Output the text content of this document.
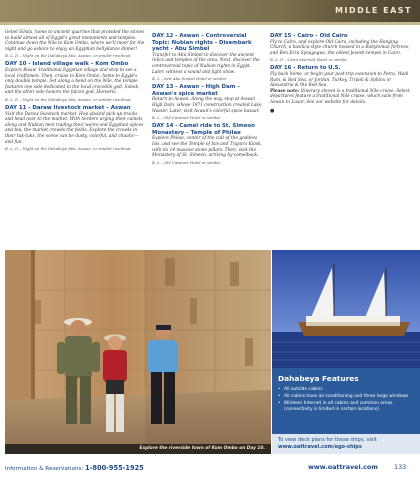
MIDDLE EAST
Gebel Silsila, home to ancient quarries that provided the stones to build almost all of Egypt's great monuments and temples. Continue down the Nile to Kom Ombo, where we'll moor for the night and go ashore to enjoy an Egyptian bellydance dinner!
B, L, D – Night on the Dahabeya Mia, Aswan, or similar riverboat
DAY 10 - Island village walk – Kom Ombo
Explore Bisaw' traditional Egyptian village and stop to see a local craftsmen. Then, cruise to Kom Ombo, home to Egypt's only double temple. Set along a bend on the Nile, the temple features one side dedicated to the local crocodile god, Sobek, and the other side honors the falcon god, Horoeris.
B, L, D – Night on the Dahabeya Mia, Aswan, or similar riverboat
DAY 11 - Daraw livestock market – Aswan
Visit the Daraw livestock market. Hop aboard pick-up trucks and head over to the market. With herders urging their camels along and Nubian men trading their wares and Egyptian spices and tea, the market crowds the fields. Explore the crowds in their tuk-tuks, the scene can be dusty, colorful, and chaotic—and fun.
B, L, D – Night on the Dahabeya Mia, Aswan, or similar riverboat
DAY 12 - Aswan – Controversial Topic: Nubian rights - Disembark yacht - Abu Simbel
Transfer to Abu Simbel to discover the ancient relics and temples of the area. Next, discover the controversial topic of Nubian rights in Egypt. Later, witness a sound and light show.
B, L – Seti Abu Simbel Hotel or similar
DAY 13 - Aswan – High Dam – Aswan's spice market
Return to Aswan. Along the way, stop at Aswan High Dam, whose 1971 construction created Lake Nasser. Later, visit Aswan's colorful spice bazaar.
B, L – Old Cataract Hotel or similar
DAY 14 - Camel ride to St. Simeon Monastery – Temple of Philae
Explore Philae, center of the cult of the goddess Isis, and see the Temple of Isis and Trajan's Kiosk, with its 14 massive stone pillars. Then, visit the Monastery of St. Simeon, arriving by camelback.
B, L – Old Cataract Hotel or similar
DAY 15 - Cairo – Old Cairo
Fly to Cairo, and explore Old Cairo, including the Hanging Church, a basilica-style church housed in a Babylonian fortress, and Ben Ezra Synagogue, the oldest Jewish temple in Cairo.
B, L, D – Cairo Marriott Hotel or similar
DAY 16 - Return to U.S.
Fly back home, or begin your post-trip extension to Petra, Wadi Rum, & Red Sea, or Jordan, Turkey, Tripoli & Sphinx or Alexandria & the Red Sea.
Please note: Itinerary shown is a traditional Nile cruise. Select departures feature a traditional Nile cruise, which sails from Aswan to Luxor. See our website for details.
●
Explore the riverside town of Kom Ombo on Day 10.
Dahabeya Features
• All outside cabins
• All cabins have air-conditioning and three large windows
• Wireless Internet in all cabins and common areas (connectivity is limited in certain locations)
To view deck plans for these ships, visit
www.oattravel.com/ego-ships
Information & Reservations: 1-800-955-1925	www.oattravel.com	133
